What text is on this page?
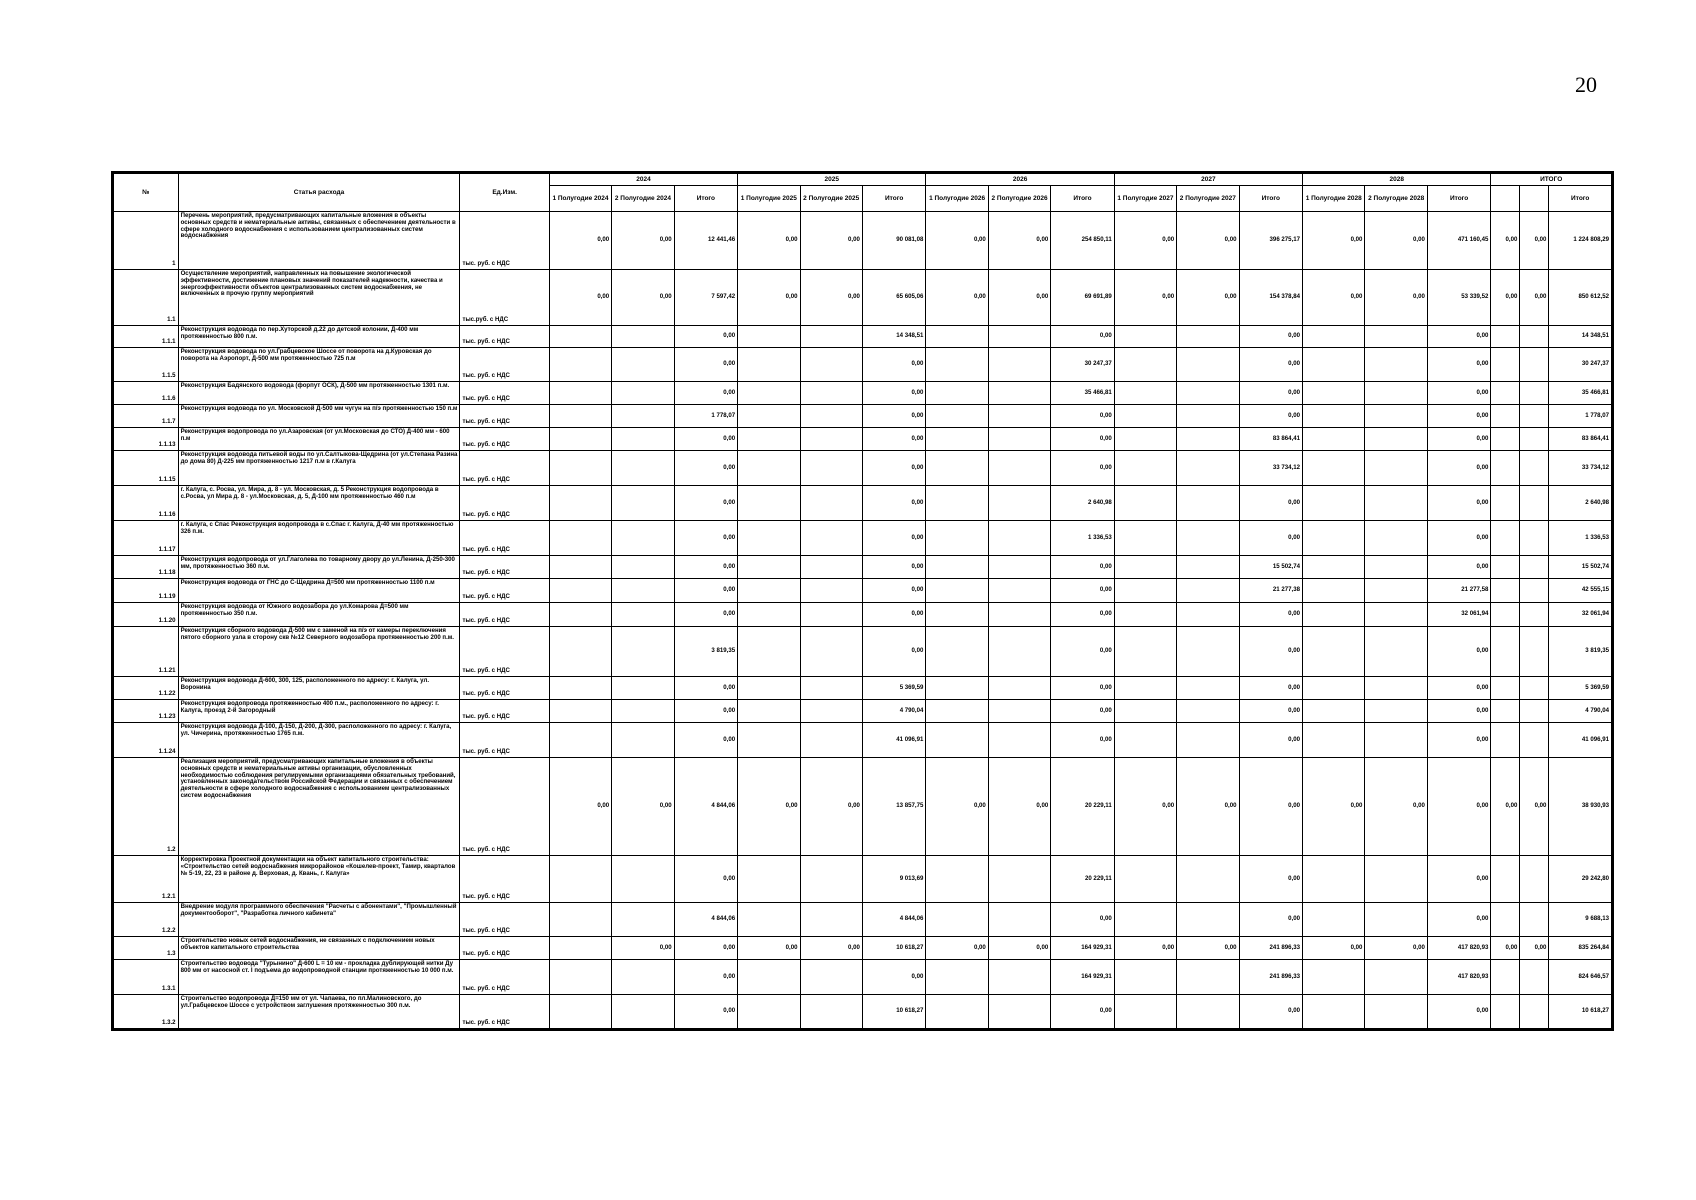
20
№	Статья расхода	Ед.Изм.	2024			2025			2026			2027			2028			ИТОГО		
			1 Полугодие 2024	2 Полугодие 2024	Итого	1 Полугодие 2025	2 Полугодие 2025	Итого	1 Полугодие 2026	2 Полугодие 2026	Итого	1 Полугодие 2027	2 Полугодие 2027	Итого	1 Полугодие 2028	2 Полугодие 2028	Итого			Итого
1	Перечень мероприятий, предусматривающих капитальные вложения в объекты основных средств и нематериальные активы, связанных с обеспечением деятельности в сфере холодного водоснабжения с использованием централизованных систем водоснабжения	тыс. руб. с НДС	0,00	0,00	12 441,46	0,00	0,00	90 081,08	0,00	0,00	254 850,11	0,00	0,00	396 275,17	0,00	0,00	471 160,45	0,00	0,00	1 224 808,29
1.1	Осуществление мероприятий, направленных на повышение экологической эффективности, достижение плановых значений показателей надежности, качества и энергоэффективности объектов централизованных систем водоснабжения, не включенных в прочую группу мероприятий	тыс.руб. с НДС	0,00	0,00	7 597,42	0,00	0,00	65 605,06	0,00	0,00	69 691,89	0,00	0,00	154 378,84	0,00	0,00	53 339,52	0,00	0,00	850 612,52
1.1.1	Реконструкция водовода по пер.Хуторской д.22 до детской колонии, Д-400 мм протяженностью 800 п.м.	тыс. руб. с НДС			0,00			14 348,51			0,00			0,00			0,00			14 348,51
1.1.5	Реконструкция водовода по ул.Грабцевское Шоссе от поворота на д.Куровская до поворота на Аэропорт, Д-500 мм протяженностью 725 п.м	тыс. руб. с НДС			0,00			0,00			30 247,37			0,00			0,00			30 247,37
1.1.6	Реконструкция Бадянского водовода (форпут ОСК), Д-500 мм протяженностью 1301 п.м.	тыс. руб. с НДС			0,00			0,00			35 466,81			0,00			0,00			35 466,81
1.1.7	Реконструкция водовода по ул. Московской Д-500 мм чугун на п/э протяженностью 150 п.м	тыс. руб. с НДС			1 778,07			0,00			0,00			0,00			0,00			1 778,07
1.1.13	Реконструкция водопровода по ул.Азаровская (от ул.Московская до СТО) Д-400 мм - 600 п.м	тыс. руб. с НДС			0,00			0,00			0,00			83 864,41			0,00			83 864,41
1.1.15	Реконструкция водовода питьевой воды по ул.Салтыкова-Щедрина (от ул.Степана Разина до дома 80) Д-225 мм протяженностью 1217 п.м в г.Калуга	тыс. руб. с НДС			0,00			0,00			0,00			33 734,12			0,00			33 734,12
1.1.16	г. Калуга, с. Росва, ул. Мира, д. 8 - ул. Московская, д. 5 Реконструкция водопровода в с.Росва, ул Мира д. 8 - ул.Московская, д. 5, Д-100 мм протяженностью 460 п.м	тыс. руб. с НДС			0,00			0,00			2 640,98			0,00			0,00			2 640,98
1.1.17	г. Калуга, с Спас Реконструкция водопровода в с.Спас г. Калуга, Д-40 мм протяженностью 326 п.м.	тыс. руб. с НДС			0,00			0,00			1 336,53			0,00			0,00			1 336,53
1.1.18	Реконструкция водопровода от ул.Глаголева по товарному двору до ул.Ленина, Д-250-300 мм, протяженностью 360 п.м.	тыс. руб. с НДС			0,00			0,00			0,00			15 502,74			0,00			15 502,74
1.1.19	Реконструкция водовода от ГНС до С-Щедрина Д=500 мм протяженностью 1100 п.м	тыс. руб. с НДС			0,00			0,00			0,00			21 277,38			21 277,58			42 555,15
1.1.20	Реконструкция водовода от Южного водозабора до ул.Комарова Д=500 мм протяженностью 350 п.м.	тыс. руб. с НДС			0,00			0,00			0,00			0,00			32 061,94			32 061,94
1.1.21	Реконструкция сборного водовода Д-500 мм с заменой на п/э от камеры переключения пятого сборного узла в сторону скв №12 Северного водозабора протяженностью 200 п.м.	тыс. руб. с НДС			3 819,35			0,00			0,00			0,00			0,00			3 819,35
1.1.22	Реконструкция водовода Д-600, 300, 125, расположенного по адресу: г. Калуга, ул. Воронина	тыс. руб. с НДС			0,00			5 369,59			0,00			0,00			0,00			5 369,59
1.1.23	Реконструкция водопровода протяженностью 400 п.м., расположенного по адресу: г. Калуга, проезд 2-й Загородный	тыс. руб. с НДС			0,00			4 790,04			0,00			0,00			0,00			4 790,04
1.1.24	Реконструкция водовода Д-100, Д-150, Д-200, Д-300, расположенного по адресу: г. Калуга, ул. Чичерина, протяженностью 1765 п.м.	тыс. руб. с НДС			0,00			41 096,91			0,00			0,00			0,00			41 096,91
1.2	Реализация мероприятий, предусматривающих капитальные вложения в объекты основных средств и нематериальные активы организации, обусловленных необходимостью соблюдения регулируемыми организациями обязательных требований, установленных законодательством Российской Федерации и связанных с обеспечением деятельности в сфере холодного водоснабжения с использованием централизованных систем водоснабжения	тыс. руб. с НДС	0,00	0,00	4 844,06	0,00	0,00	13 857,75	0,00	0,00	20 229,11	0,00	0,00	0,00	0,00	0,00	0,00	0,00	0,00	38 930,93
1.2.1	Корректировка Проектной документации на объект капитального строительства: «Строительство сетей водоснабжения микрорайонов «Кошелев-проект, Тамир, кварталов № 5-19, 22, 23 в районе д. Верховая, д. Квань, г. Калуга»	тыс. руб. с НДС			0,00			9 013,69			20 229,11			0,00			0,00			29 242,80
1.2.2	Внедрение модуля программного обеспечения "Расчеты с абонентами", "Промышленный документооборот", "Разработка личного кабинета"	тыс. руб. с НДС			4 844,06			4 844,06			0,00			0,00			0,00			9 688,13
1.3	Строительство новых сетей водоснабжения, не связанных с подключением новых объектов капитального строительства	тыс. руб. с НДС		0,00	0,00	0,00	0,00	10 618,27	0,00	0,00	164 929,31	0,00	0,00	241 896,33	0,00	0,00	417 820,93	0,00	0,00	835 264,84
1.3.1	Строительство водовода "Турынино" Д-600 L = 10 км - прокладка дублирующей нитки Ду 800 мм от насосной ст. I подъема до водопроводной станции протяженностью 10 000 п.м.	тыс. руб. с НДС			0,00			0,00			164 929,31			241 896,33			417 820,93			824 646,57
1.3.2	Строительство водопровода Д=150 мм от ул. Чапаева, по пл.Малиновского, до ул.Грабцевское Шоссе с устройством заглушения протяженностью 300 п.м.	тыс. руб. с НДС			0,00			10 618,27			0,00			0,00			0,00			10 618,27
